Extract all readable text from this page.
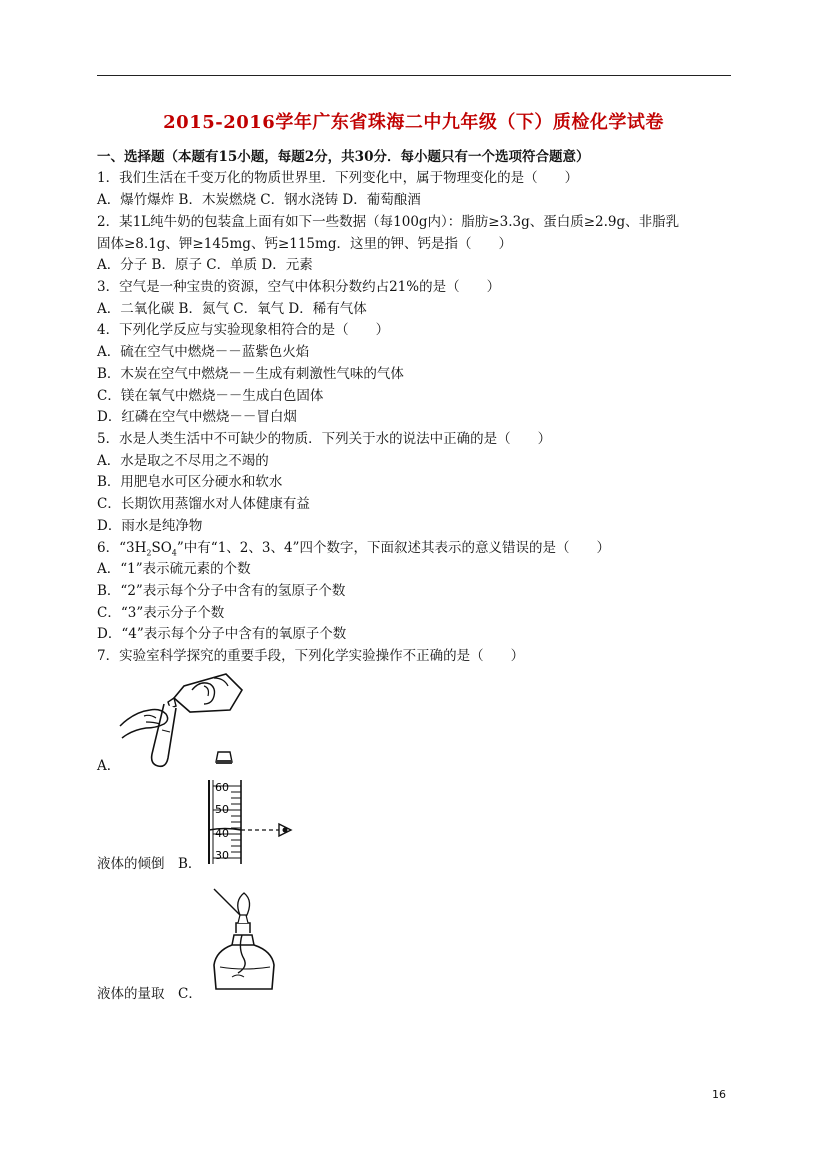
2015-2016学年广东省珠海二中九年级（下）质检化学试卷
一、选择题（本题有15小题，每题2分，共30分．每小题只有一个选项符合题意）
1．我们生活在千变万化的物质世界里．下列变化中，属于物理变化的是（　　）
A．爆竹爆炸 B．木炭燃烧 C．钢水浇铸 D．葡萄酿酒
2．某1L纯牛奶的包装盒上面有如下一些数据（每100g内）：脂肪≥3.3g、蛋白质≥2.9g、非脂乳
固体≥8.1g、钾≥145mg、钙≥115mg．这里的钾、钙是指（　　）
A．分子 B．原子 C．单质 D．元素
3．空气是一种宝贵的资源，空气中体积分数约占21%的是（　　）
A．二氧化碳 B．氮气 C．氧气 D．稀有气体
4．下列化学反应与实验现象相符合的是（　　）
A．硫在空气中燃烧－－蓝紫色火焰
B．木炭在空气中燃烧－－生成有刺激性气味的气体
C．镁在氧气中燃烧－－生成白色固体
D．红磷在空气中燃烧－－冒白烟
5．水是人类生活中不可缺少的物质．下列关于水的说法中正确的是（　　）
A．水是取之不尽用之不竭的
B．用肥皂水可区分硬水和软水
C．长期饮用蒸馏水对人体健康有益
D．雨水是纯净物
6．“$3H_2SO_4$”中有“1、2、3、4”四个数字，下面叙述其表示的意义错误的是（　　）
A．“1”表示硫元素的个数
B．“2”表示每个分子中含有的氢原子个数
C．“3”表示分子个数
D．“4”表示每个分子中含有的氧原子个数
7．实验室科学探究的重要手段，下列化学实验操作不正确的是（　　）
A．
60
50
40
30
液体的倾倒　B．
液体的量取　C．
16
